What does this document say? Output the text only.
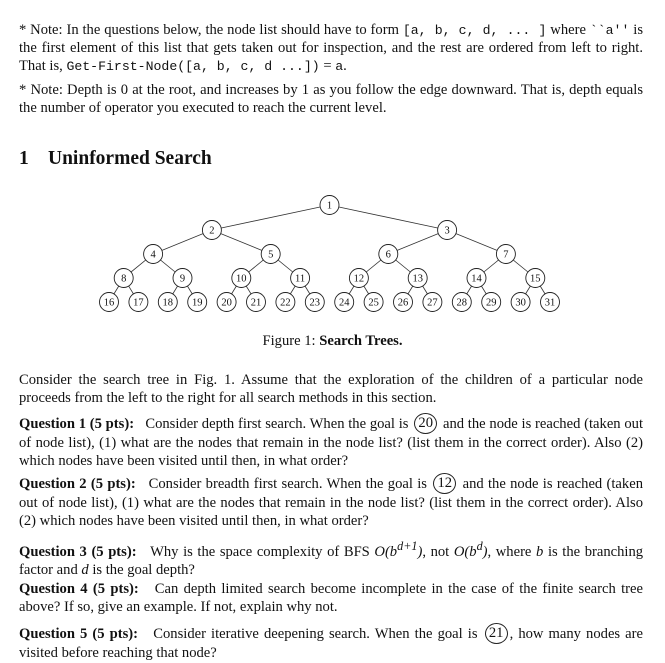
* Note: In the questions below, the node list should have to form [a, b, c, d, ... ] where ``a'' is the first element of this list that gets taken out for inspection, and the rest are ordered from left to right. That is, Get-First-Node([a, b, c, d ...]) = a.

* Note: Depth is 0 at the root, and increases by 1 as you follow the edge downward. That is, depth equals the number of operator you executed to reach the current level.

1 Uninformed Search
1
2	3
4	5	6	7
8	9	10	11	12	13	14	15
16 17 18 19 20 21 22 23 24 25 26 27 28 29 30 31
Figure 1: Search Trees.

Consider the search tree in Fig. 1. Assume that the exploration of the children of a particular node proceeds from the left to the right for all search methods in this section.

Question 1 (5 pts): Consider depth first search. When the goal is 20 and the node is reached (taken out of node list), (1) what are the nodes that remain in the node list? (list them in the correct order). Also (2) which nodes have been visited until then, in what order?

Question 2 (5 pts): Consider breadth first search. When the goal is 12 and the node is reached (taken out of node list), (1) what are the nodes that remain in the node list? (list them in the correct order). Also (2) which nodes have been visited until then, in what order?

Question 3 (5 pts): Why is the space complexity of BFS $O(b^{d+1})$, not $O(b^d)$, where b is the branching factor and d is the goal depth?

Question 4 (5 pts): Can depth limited search become incomplete in the case of the finite search tree above? If so, give an example. If not, explain why not.

Question 5 (5 pts): Consider iterative deepening search. When the goal is 21 , how many nodes are visited before reaching that node?
